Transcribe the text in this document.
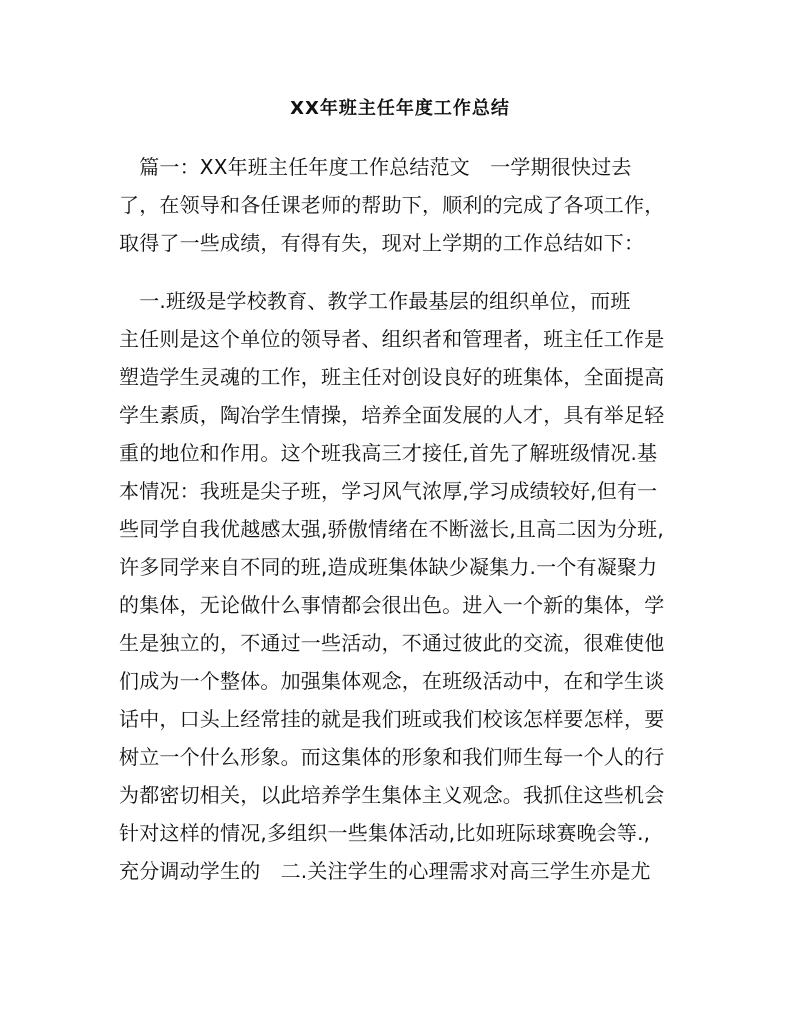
XX年班主任年度工作总结
　篇一：XX年班主任年度工作总结范文　一学期很快过去
了，在领导和各任课老师的帮助下，顺利的完成了各项工作，
取得了一些成绩，有得有失，现对上学期的工作总结如下：
　一.班级是学校教育、教学工作最基层的组织单位，而班
主任则是这个单位的领导者、组织者和管理者，班主任工作是
塑造学生灵魂的工作，班主任对创设良好的班集体，全面提高
学生素质，陶冶学生情操，培养全面发展的人才，具有举足轻
重的地位和作用。这个班我高三才接任,首先了解班级情况.基
本情况：我班是尖子班，学习风气浓厚,学习成绩较好,但有一
些同学自我优越感太强,骄傲情绪在不断滋长,且高二因为分班,
许多同学来自不同的班,造成班集体缺少凝集力.一个有凝聚力
的集体，无论做什么事情都会很出色。进入一个新的集体，学
生是独立的，不通过一些活动，不通过彼此的交流，很难使他
们成为一个整体。加强集体观念，在班级活动中，在和学生谈
话中，口头上经常挂的就是我们班或我们校该怎样要怎样，要
树立一个什么形象。而这集体的形象和我们师生每一个人的行
为都密切相关，以此培养学生集体主义观念。我抓住这些机会
针对这样的情况,多组织一些集体活动,比如班际球赛晚会等.,
充分调动学生的　二.关注学生的心理需求对高三学生亦是尤
